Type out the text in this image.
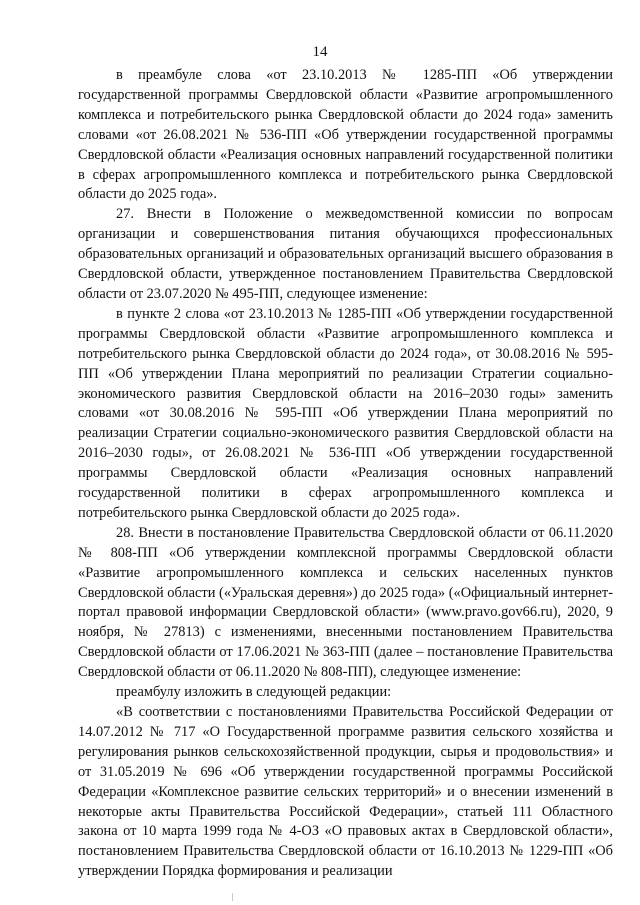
14

в преамбуле слова «от 23.10.2013 № 1285-ПП «Об утверждении государственной программы Свердловской области «Развитие агропромышленного комплекса и потребительского рынка Свердловской области до 2024 года» заменить словами «от 26.08.2021 № 536-ПП «Об утверждении государственной программы Свердловской области «Реализация основных направлений государственной политики в сферах агропромышленного комплекса и потребительского рынка Свердловской области до 2025 года».

27. Внести в Положение о межведомственной комиссии по вопросам организации и совершенствования питания обучающихся профессиональных образовательных организаций и образовательных организаций высшего образования в Свердловской области, утвержденное постановлением Правительства Свердловской области от 23.07.2020 № 495-ПП, следующее изменение:

в пункте 2 слова «от 23.10.2013 № 1285-ПП «Об утверждении государственной программы Свердловской области «Развитие агропромышленного комплекса и потребительского рынка Свердловской области до 2024 года», от 30.08.2016 № 595-ПП «Об утверждении Плана мероприятий по реализации Стратегии социально-экономического развития Свердловской области на 2016–2030 годы» заменить словами «от 30.08.2016 № 595-ПП «Об утверждении Плана мероприятий по реализации Стратегии социально-экономического развития Свердловской области на 2016–2030 годы», от 26.08.2021 № 536-ПП «Об утверждении государственной программы Свердловской области «Реализация основных направлений государственной политики в сферах агропромышленного комплекса и потребительского рынка Свердловской области до 2025 года».

28. Внести в постановление Правительства Свердловской области от 06.11.2020 № 808-ПП «Об утверждении комплексной программы Свердловской области «Развитие агропромышленного комплекса и сельских населенных пунктов Свердловской области («Уральская деревня») до 2025 года» («Официальный интернет-портал правовой информации Свердловской области» (www.pravo.gov66.ru), 2020, 9 ноября, № 27813) с изменениями, внесенными постановлением Правительства Свердловской области от 17.06.2021 № 363-ПП (далее – постановление Правительства Свердловской области от 06.11.2020 № 808-ПП), следующее изменение:

преамбулу изложить в следующей редакции:

«В соответствии с постановлениями Правительства Российской Федерации от 14.07.2012 № 717 «О Государственной программе развития сельского хозяйства и регулирования рынков сельскохозяйственной продукции, сырья и продовольствия» и от 31.05.2019 № 696 «Об утверждении государственной программы Российской Федерации «Комплексное развитие сельских территорий» и о внесении изменений в некоторые акты Правительства Российской Федерации», статьей 111 Областного закона от 10 марта 1999 года № 4-ОЗ «О правовых актах в Свердловской области», постановлением Правительства Свердловской области от 16.10.2013 № 1229-ПП «Об утверждении Порядка формирования и реализации
